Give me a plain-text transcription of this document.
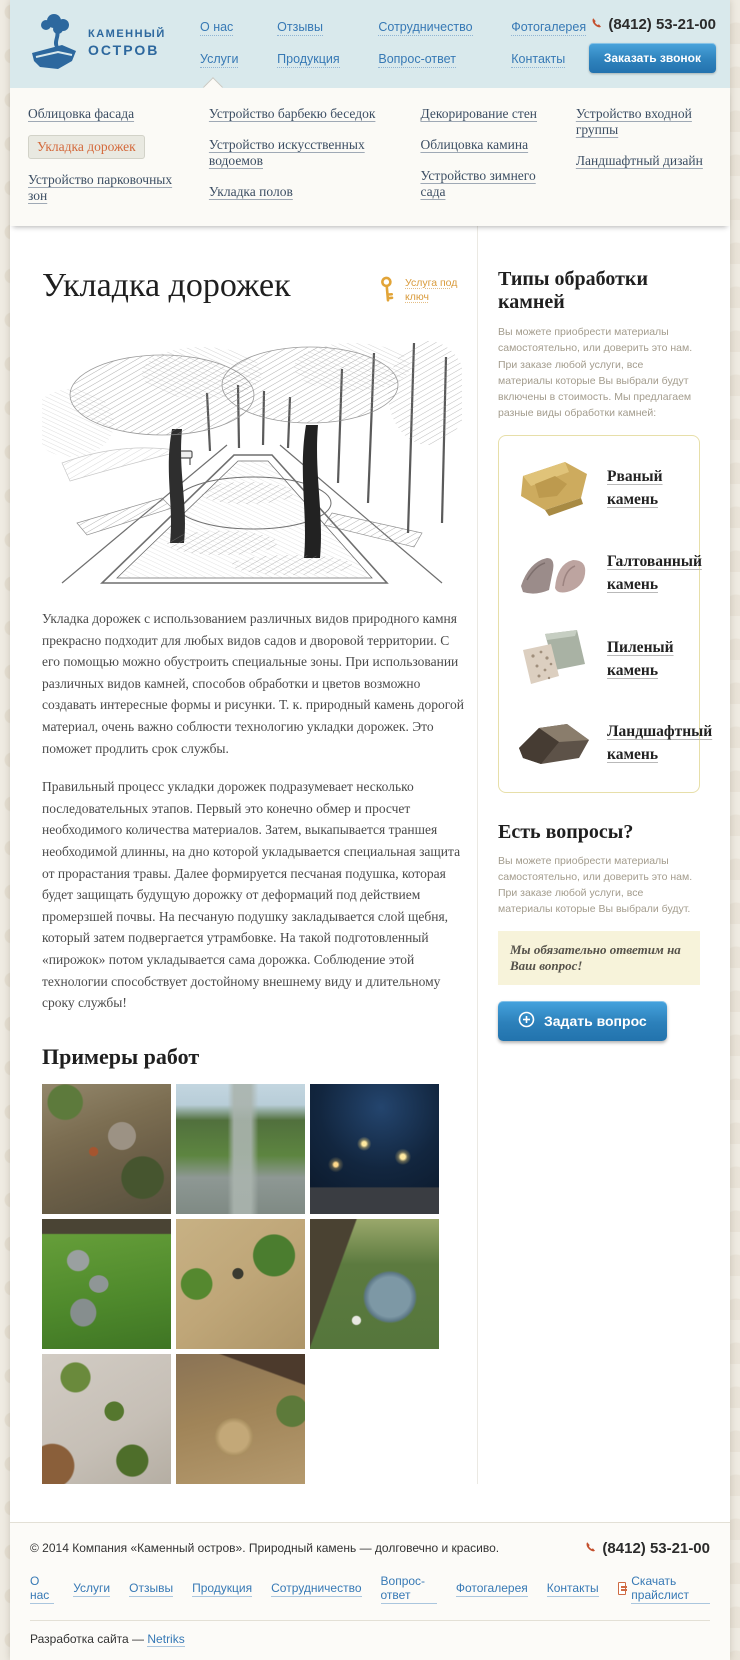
КАМЕННЫЙ
ОСТРОВ
О нас
Услуги
Отзывы
Продукция
Сотрудничество
Вопрос-ответ
Фотогалерея
Контакты
(8412) 53-21-00

Заказать звонок
Облицовка фасада
Укладка дорожек
Устройство парковочных зон
Устройство барбекю беседок
Устройство искусственных водоемов
Укладка полов
Декорирование стен
Облицовка камина
Устройство зимнего сада
Устройство входной группы
Ландшафтный дизайн
Укладка дорожек	Услуга под ключ

Укладка дорожек с использованием различных видов природного камня прекрасно подходит для любых видов садов и дворовой территории. С его помощью можно обустроить специальные зоны. При использовании различных видов камней, способов обработки и цветов возможно создавать интересные формы и рисунки. Т. к. природный камень дорогой материал, очень важно соблюсти технологию укладки дорожек. Это поможет продлить срок службы.

Правильный процесс укладки дорожек подразумевает несколько последовательных этапов. Первый это конечно обмер и просчет необходимого количества материалов. Затем, выкапывается траншея необходимой длинны, на дно которой укладывается специальная защита от прорастания травы. Далее формируется песчаная подушка, которая будет защищать будущую дорожку от деформаций под действием промерзшей почвы. На песчаную подушку закладывается слой щебня, который затем подвергается утрамбовке. На такой подготовленный «пирожок» потом укладывается сама дорожка. Соблюдение этой технологии способствует достойному внешнему виду и длительному сроку службы!

Примеры работ
Типы обработки камней

Вы можете приобрести материалы самостоятельно, или доверить это нам. При заказе любой услуги, все материалы которые Вы выбрали будут включены в стоимость. Мы предлагаем разные виды обработки камней:

Рваный камень
Галтованный камень
Пиленый камень
Ландшафтный камень
Есть вопросы?

Вы можете приобрести материалы самостоятельно, или доверить это нам. При заказе любой услуги, все материалы которые Вы выбрали будут.

Мы обязательно ответим на Ваш вопрос!
Задать вопрос
© 2014 Компания «Каменный остров». Природный камень — долговечно и красиво.	(8412) 53-21-00
О нас	Услуги Отзывы Продукция Сотрудничество Вопрос-ответ	Фотогалерея Контакты	Скачать прайслист
Разработка сайта — Netriks
